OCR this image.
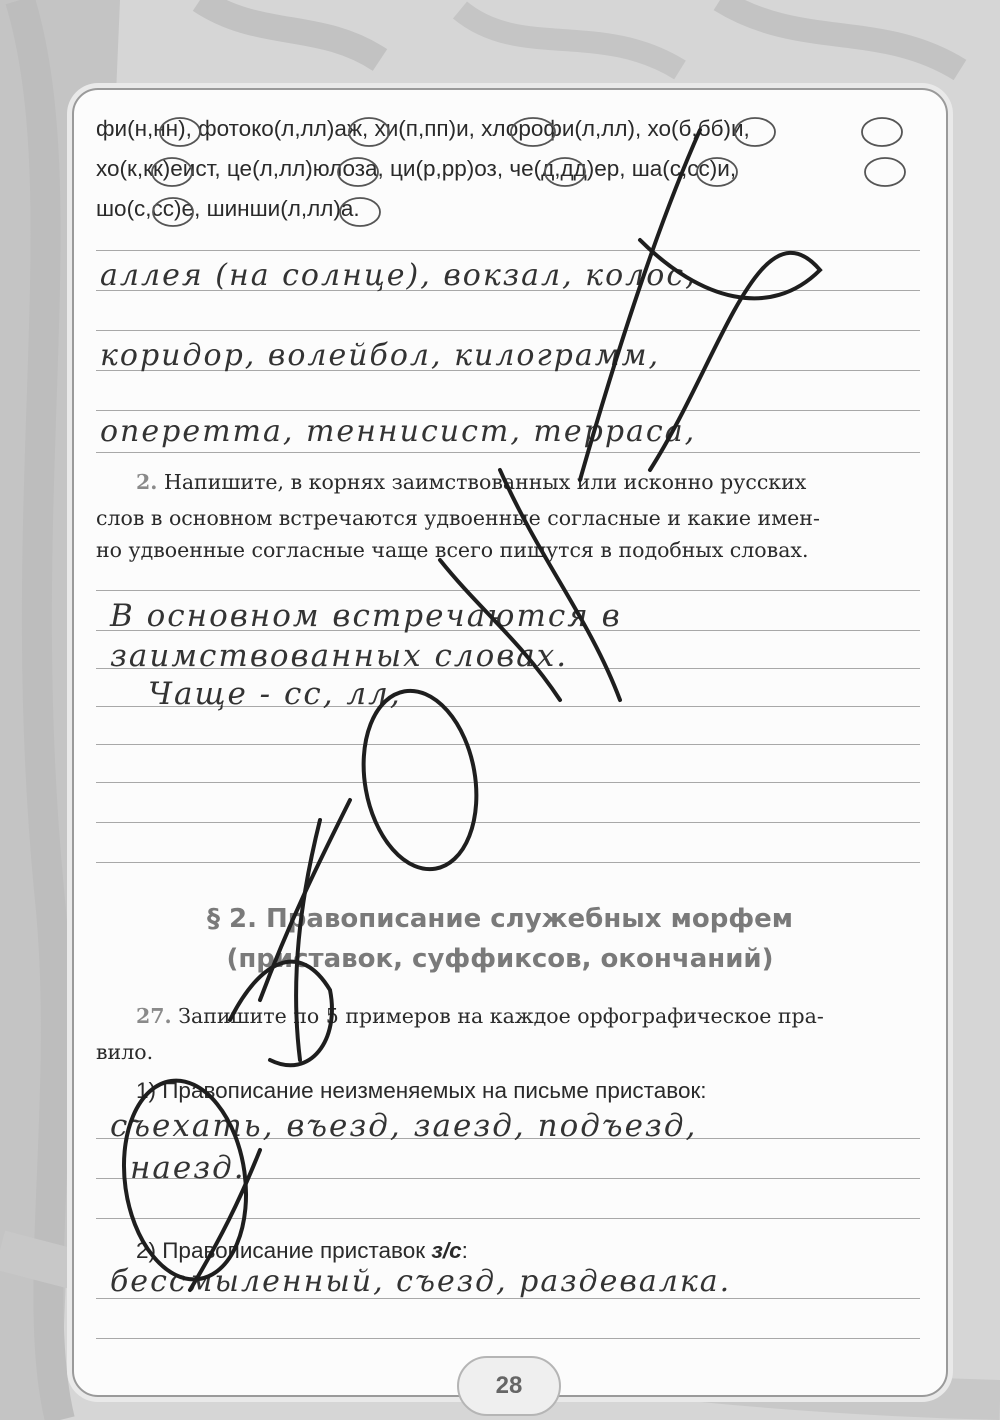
фи(н,нн), фотоко(л,лл)аж, хи(п,пп)и, хлорофи(л,лл), хо(б,бб)и,
хо(к,кк)еист, це(л,лл)юлоза, ци(р,рр)оз, че(д,дд)ер, ша(с,сс)и,
шо(с,сс)е, шинши(л,лл)а.
аллея (на солнце), вокзал, колос,
коридор, волейбол, килограмм,
оперетта, теннисист, терраса,
2. Напишите, в корнях заимствованных или исконно русских
слов в основном встречаются удвоенные согласные и какие имен-
но удвоенные согласные чаще всего пишутся в подобных словах.
В основном встречаются в
заимствованных словах.
Чаще - сс, лл,
§ 2. Правописание служебных морфем
(приставок, суффиксов, окончаний)
27. Запишите по 5 примеров на каждое орфографическое пра-
вило.
1) Правописание неизменяемых на письме приставок:
съехать, въезд, заезд, подъезд,
наезд.
2) Правописание приставок з/с:
бессмыленный, съезд, раздевалка.
28
